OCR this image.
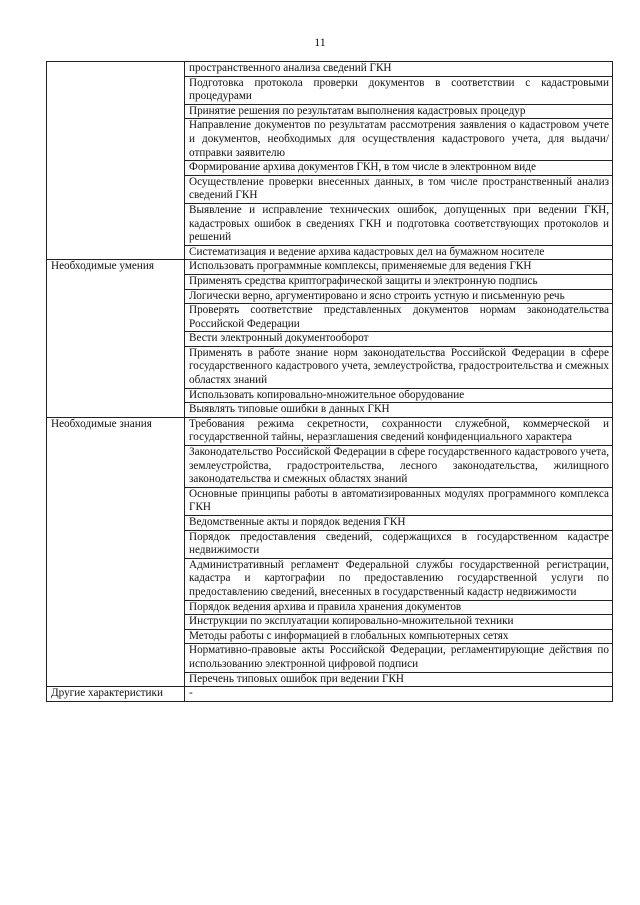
11
	пространственного анализа сведений ГКН
	Подготовка протокола проверки документов в соответствии с кадастровыми процедурами
	Принятие решения по результатам выполнения кадастровых процедур
	Направление документов по результатам рассмотрения заявления о кадастровом учете и документов, необходимых для осуществления кадастрового учета, для выдачи/отправки заявителю
	Формирование архива документов ГКН, в том числе в электронном виде
	Осуществление проверки внесенных данных, в том числе пространственный анализ сведений ГКН
	Выявление и исправление технических ошибок, допущенных при ведении ГКН, кадастровых ошибок в сведениях ГКН и подготовка соответствующих протоколов и решений
	Систематизация и ведение архива кадастровых дел на бумажном носителе
Необходимые умения	Использовать программные комплексы, применяемые для ведения ГКН
	Применять средства криптографической защиты и электронную подпись
	Логически верно, аргументировано и ясно строить устную и письменную речь
	Проверять соответствие представленных документов нормам законодательства Российской Федерации
	Вести электронный документооборот
	Применять в работе знание норм законодательства Российской Федерации в сфере государственного кадастрового учета, землеустройства, градостроительства и смежных областях знаний
	Использовать копировально-множительное оборудование
	Выявлять типовые ошибки в данных ГКН
Необходимые знания	Требования режима секретности, сохранности служебной, коммерческой и государственной тайны, неразглашения сведений конфиденциального характера
	Законодательство Российской Федерации в сфере государственного кадастрового учета, землеустройства, градостроительства, лесного законодательства, жилищного законодательства и смежных областях знаний
	Основные принципы работы в автоматизированных модулях программного комплекса ГКН
	Ведомственные акты и порядок ведения ГКН
	Порядок предоставления сведений, содержащихся в государственном кадастре недвижимости
	Административный регламент Федеральной службы государственной регистрации, кадастра и картографии по предоставлению государственной услуги по предоставлению сведений, внесенных в государственный кадастр недвижимости
	Порядок ведения архива и правила хранения документов
	Инструкции по эксплуатации копировально-множительной техники
	Методы работы с информацией в глобальных компьютерных сетях
	Нормативно-правовые акты Российской Федерации, регламентирующие действия по использованию электронной цифровой подписи
	Перечень типовых ошибок при ведении ГКН
Другие характеристики	-
